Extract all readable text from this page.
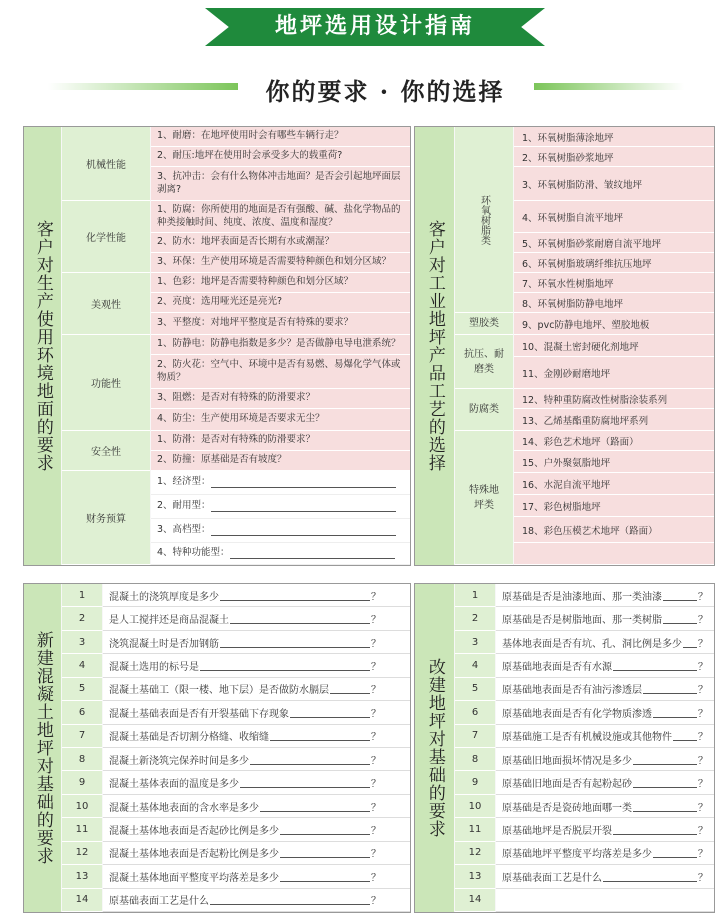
地坪选用设计指南
你的要求 · 你的选择
客户对生产使用环境地面的要求
机械性能
1、耐磨：在地坪使用时会有哪些车辆行走？
2、耐压:地坪在使用时会承受多大的载重荷?
3、抗冲击：会有什么物体冲击地面？是否会引起地坪面层剥离?
化学性能
1、防腐：你所使用的地面是否有强酸、碱、盐化学物品的种类接触时间、纯度、浓度、温度和湿度？
2、防水：地坪表面是否长期有水或潮湿？
3、环保：生产使用环境是否需要特种颜色和划分区域？
美观性
1、色彩：地坪是否需要特种颜色和划分区域？
2、亮度：选用哑光还是亮光?
3、平整度：对地坪平整度是否有特殊的要求？
功能性
1、防静电：防静电指数是多少？是否做静电导电泄系统？
2、防火花：空气中、环境中是否有易燃、易爆化学气体或物质？
3、阻燃：是否对有特殊的防滑要求？
4、防尘：生产使用环境是否要求无尘？
安全性
1、防滑：是否对有特殊的防滑要求？
2、防撞：原基础是否有坡度？
财务预算
1、经济型：
2、耐用型：
3、高档型：
4、特种功能型：
客户对工业地坪产品工艺的选择
环氧树脂类
1、环氧树脂薄涂地坪
2、环氧树脂砂浆地坪
3、环氧树脂防滑、皱纹地坪
4、环氧树脂自流平地坪
5、环氧树脂砂浆耐磨自流平地坪
6、环氧树脂玻璃纤维抗压地坪
7、环氧水性树脂地坪
8、环氧树脂防静电地坪
塑胶类	9、pvc防静电地坪、塑胶地板
抗压、耐磨类
10、混凝土密封硬化剂地坪
11、金刚砂耐磨地坪
防腐类
12、特种重防腐改性树脂涂装系列
13、乙烯基酯重防腐地坪系列
特殊地坪类
14、彩色艺术地坪（路面）
15、户外聚氨脂地坪
16、水泥自流平地坪
17、彩色树脂地坪
18、彩色压模艺术地坪（路面）
新建混凝土地坪对基础的要求
1	混凝土的浇筑厚度是多少	？
2	是人工搅拌还是商品混凝土	？
3	浇筑混凝土时是否加钢筋	？
4	混凝土选用的标号是	？
5	混凝土基础工（限一楼、地下层）是否做防水膈层	？
6	混凝土基础表面是否有开裂基础下存现象	？
7	混凝土基础是否切割分格缝、收缩缝	？
8	混凝土新浇筑完保养时间是多少	？
9	混凝土基体表面的温度是多少	？
10	混凝土基体地表面的含水率是多少	？
11	混凝土基体地表面是否起砂比例是多少	？
12	混凝土基体地表面是否起粉比例是多少	？
13	混凝土基体地面平整度平均落差是多少	？
14	原基础表面工艺是什么	？
改建地坪对基础的要求
1	原基础是否是油漆地面、那一类油漆	？
2	原基础是否是树脂地面、那一类树脂	？
3	基体地表面是否有坑、孔、洞比例是多少 ？
4	原基础地表面是否有水源	？
5	原基础地表面是否有油污渗透层	？
6	原基础地表面是否有化学物质渗透	？
7	原基础施工是否有机械设施或其他物件	？
8	原基础旧地面损坏情况是多少	？
9	原基础旧地面是否有起粉起砂	？
10	原基础是否是瓷砖地面哪一类	？
11	原基础地坪是否脱层开裂	？
12	原基础地坪平整度平均落差是多少	？
13	原基础表面工艺是什么	？
14
